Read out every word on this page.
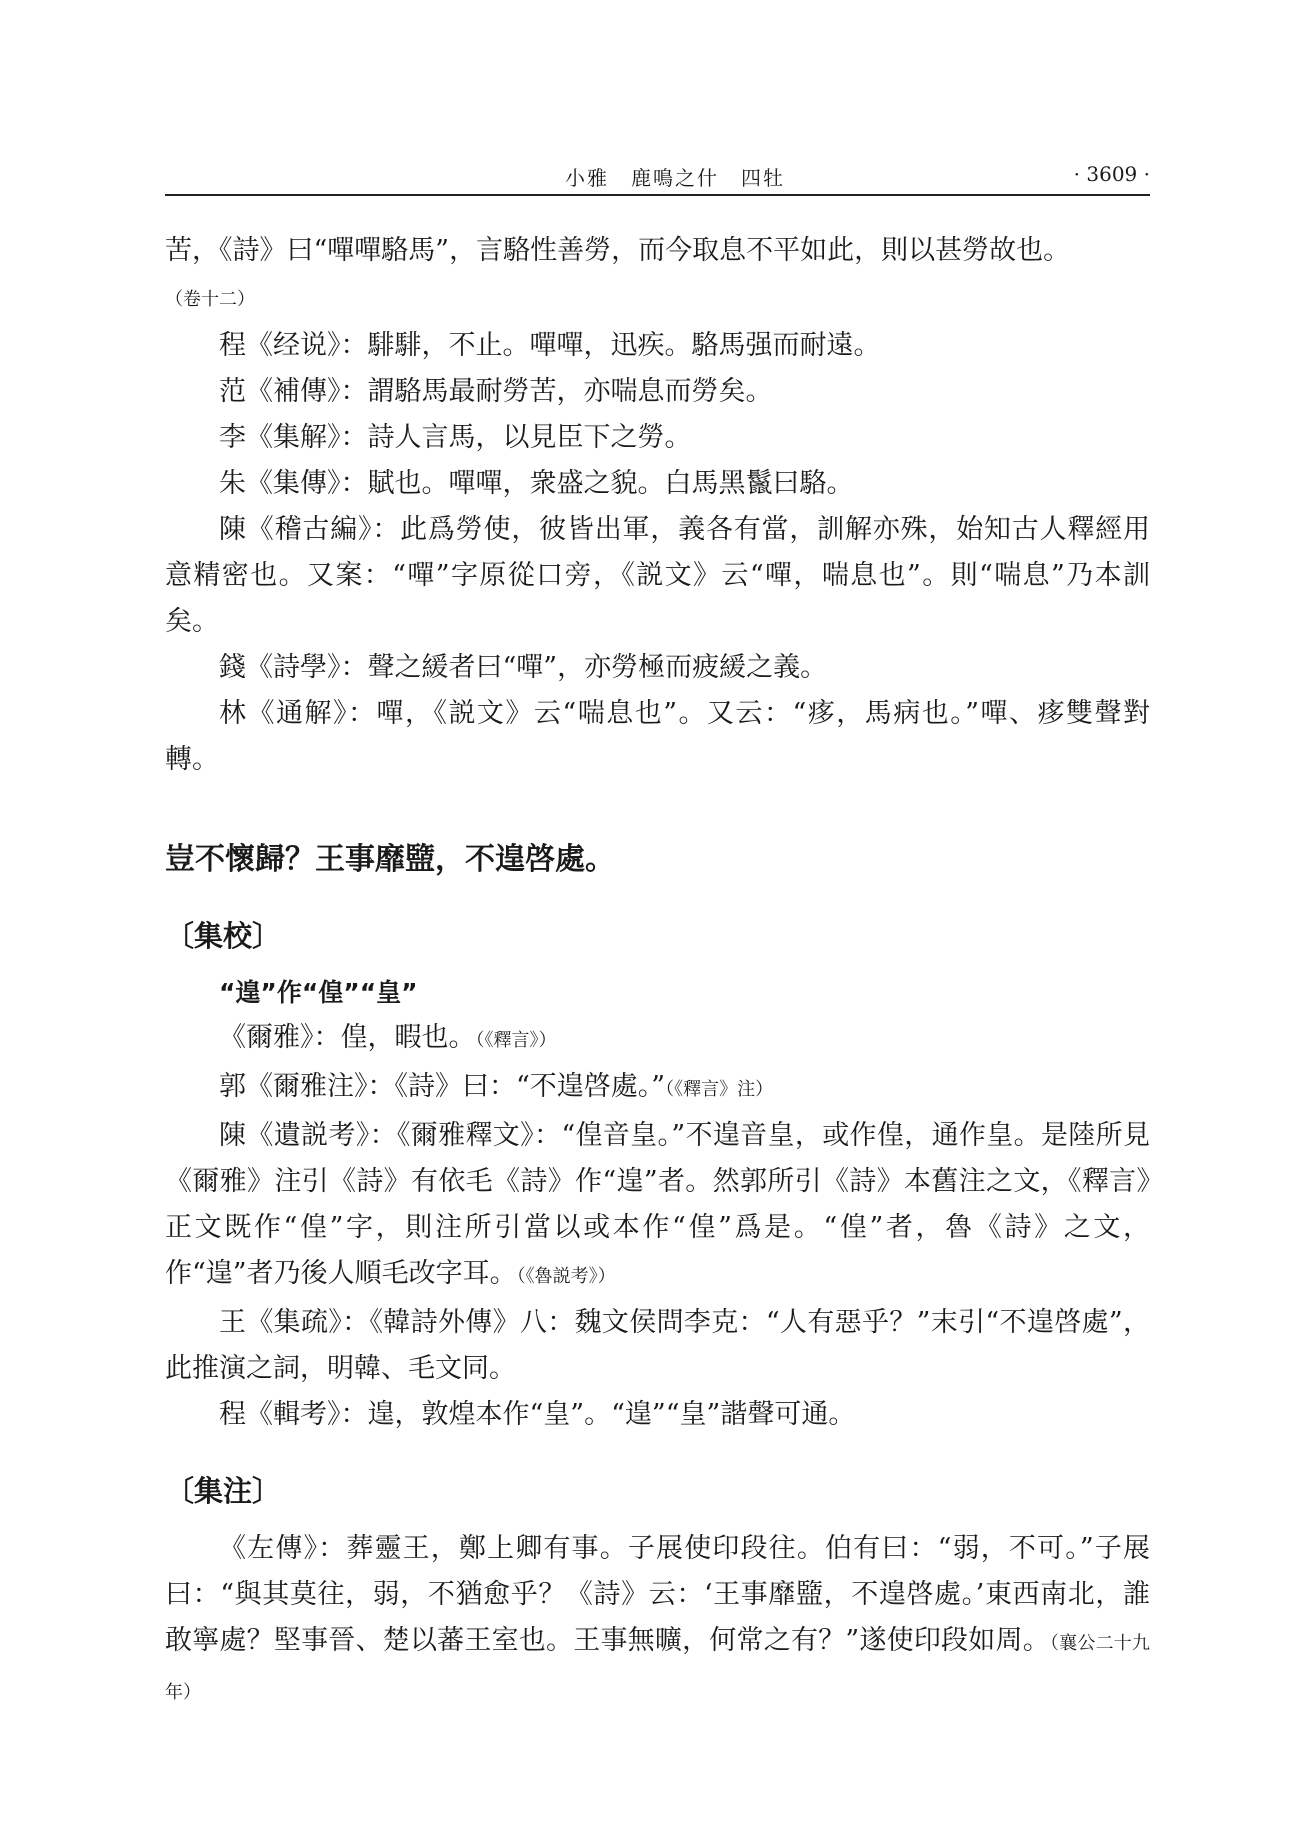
小雅　鹿鳴之什　四牡	· 3609 ·

苦，《詩》曰“嘽嘽駱馬”，言駱性善勞，而今取息不平如此，則以甚勞故也。
（卷十二）

程《经说》：騑騑，不止。嘽嘽，迅疾。駱馬强而耐遠。

范《補傳》：謂駱馬最耐勞苦，亦喘息而勞矣。

李《集解》：詩人言馬，以見臣下之勞。

朱《集傳》：賦也。嘽嘽，衆盛之貌。白馬黑鬣曰駱。

陳《稽古編》：此爲勞使，彼皆出軍，義各有當，訓解亦殊，始知古人釋經用意精密也。又案：“嘽”字原從口旁，《説文》云“嘽，喘息也”。則“喘息”乃本訓矣。

錢《詩學》：聲之緩者曰“嘽”，亦勞極而疲緩之義。

林《通解》：嘽，《説文》云“喘息也”。又云：“痑，馬病也。”嘽、痑雙聲對轉。

豈不懷歸？王事靡盬，不遑啓處。
〔集校〕

“遑”作“偟”“皇”

《爾雅》：偟，暇也。（《釋言》）

郭《爾雅注》：《詩》曰：“不遑啓處。”（《釋言》注）

陳《遺説考》：《爾雅釋文》：“偟音皇。”不遑音皇，或作偟，通作皇。是陸所見《爾雅》注引《詩》有依毛《詩》作“遑”者。然郭所引《詩》本舊注之文，《釋言》正文既作“偟”字，則注所引當以或本作“偟”爲是。“偟”者，魯《詩》之文，作“遑”者乃後人順毛改字耳。（《魯説考》）

王《集疏》：《韓詩外傳》八：魏文侯問李克：“人有惡乎？”末引“不遑啓處”，此推演之詞，明韓、毛文同。

程《輯考》：遑，敦煌本作“皇”。“遑”“皇”諧聲可通。

〔集注〕

《左傳》：葬靈王，鄭上卿有事。子展使印段往。伯有曰：“弱，不可。”子展曰：“與其莫往，弱，不猶愈乎？《詩》云：‘王事靡盬，不遑啓處。’東西南北，誰敢寧處？堅事晉、楚以蕃王室也。王事無曠，何常之有？”遂使印段如周。（襄公二十九年）
